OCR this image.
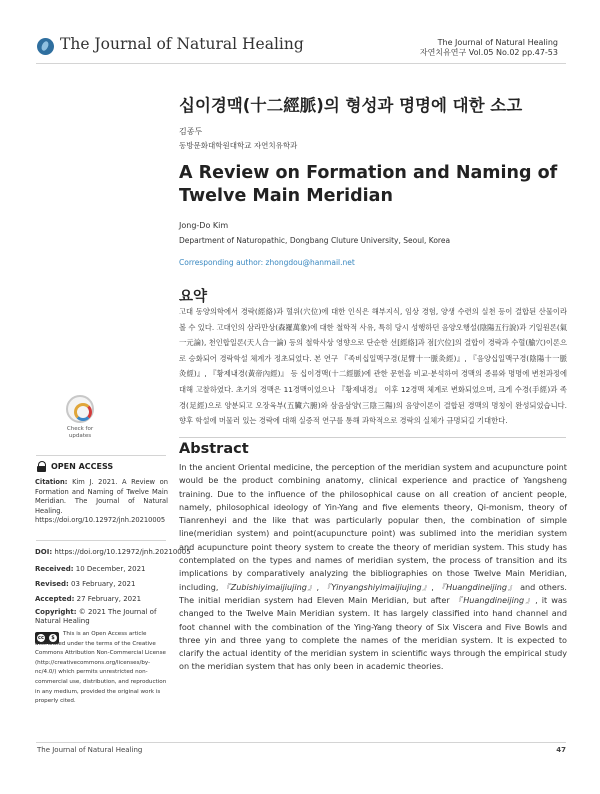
The Journal of Natural Healing	The Journal of Natural Healing
자연치유연구 Vol.05 No.02 pp.47-53
십이경맥(十二經脈)의 형성과 명명에 대한 소고
김종두
동방문화대학원대학교 자연치유학과
A Review on Formation and Naming of Twelve Main Meridian
Jong-Do Kim
Department of Naturopathic, Dongbang Cluture University, Seoul, Korea
Corresponding author: zhongdou@hanmail.net
요약
고대 동양의학에서 경락(經絡)과 혈위(穴位)에 대한 인식은 해부지식, 임상 경험, 양생 수련의 실천 등이 결합된 산물이라 볼 수 있다. 고대인의 삼라만상(森羅萬象)에 대한 철학적 사유, 특히 당시 성행하던 음양오행설(陰陽五行說)과 기일원론(氣一元論), 천인합일론(天人合一論) 등의 철학사상 영향으로 단순한 선[經絡]과 점[穴位]의 결합이 경락과 수혈(腧穴)이론으로 승화되어 경락학설 체계가 정초되었다. 본 연구 『족비십일맥구경(足臂十一脈灸經)』, 『음양십일맥구경(陰陽十一脈灸經)』, 『황제내경(黃帝內經)』 등 십이경맥(十二經脈)에 관한 문헌을 비교·분석하여 경맥의 종류와 명명에 변천과정에 대해 고찰하였다. 초기의 경맥은 11경맥이었으나 『황제내경』 이후 12경맥 체계로 변화되었으며, 크게 수경(手經)과 족경(足經)으로 양분되고 오장육부(五臟六腑)와 삼음삼양(三陰三陽)의 음양이론이 결합된 경맥의 명칭이 완성되었습니다. 향후 학설에 머물러 있는 경락에 대해 실증적 연구를 통해 과학적으로 경락의 실체가 규명되길 기대한다.
Abstract

In the ancient Oriental medicine, the perception of the meridian system and acupuncture point would be the product combining anatomy, clinical experience and practice of Yangsheng training. Due to the influence of the philosophical cause on all creation of ancient people, namely, philosophical ideology of Yin-Yang and five elements theory, Qi-monism, theory of Tianrenheyi and the like that was particularly popular then, the combination of simple line(meridian system) and point(acupuncture point) was sublimed into the meridian system and acupuncture point theory system to create the theory of meridian system. This study has contemplated on the types and names of meridian system, the process of transition and its implications by comparatively analyzing the bibliographies on those Twelve Main Meridian, including, 『Zubishiyimaijiujing』, 『Yinyangshiyimaijiujing』, 『Huangdineijing』 and others. The initial meridian system had Eleven Main Meridian, but after 『Huangdineijing』, it was changed to the Twelve Main Meridian system. It has largely classified into hand channel and foot channel with the combination of the Ying-Yang theory of Six Viscera and Five Bowls and three yin and three yang to complete the names of the meridian system. It is expected to clarify the actual identity of the meridian system in scientific ways through the empirical study on the meridian system that has only been in academic theories.

Check for updates
OPEN ACCESS
Citation: Kim J. 2021. A Review on Formation and Naming of Twelve Main Meridian. The Journal of Natural Healing. https://doi.org/10.12972/jnh.20210005
DOI: https://doi.org/10.12972/jnh.20210005
Received: 10 December, 2021
Revised: 03 February, 2021
Accepted: 27 February, 2021
Copyright: © 2021 The Journal of Natural Healing
cc	$
This is an Open Access article distributed under the terms of the Creative Commons Attribution Non-Commercial License (http://creativecommons.org/licenses/by-nc/4.0/) which permits unrestricted non-commercial use, distribution, and reproduction in any medium, provided the original work is properly cited.
The Journal of Natural Healing	47
